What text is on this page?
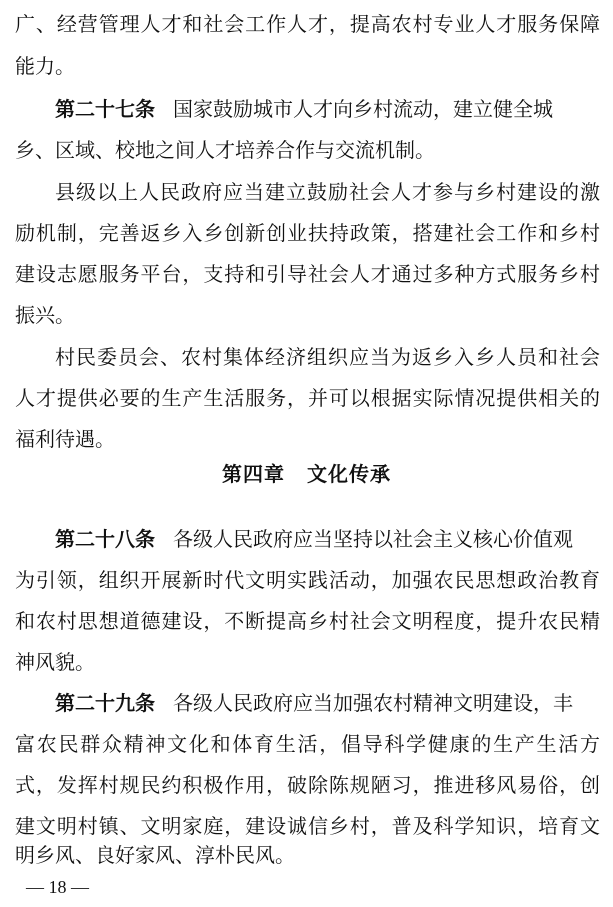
广、经营管理人才和社会工作人才，提高农村专业人才服务保障
能力。
第二十七条 国家鼓励城市人才向乡村流动，建立健全城
乡、区域、校地之间人才培养合作与交流机制。
县级以上人民政府应当建立鼓励社会人才参与乡村建设的激
励机制，完善返乡入乡创新创业扶持政策，搭建社会工作和乡村
建设志愿服务平台，支持和引导社会人才通过多种方式服务乡村
振兴。
村民委员会、农村集体经济组织应当为返乡入乡人员和社会
人才提供必要的生产生活服务，并可以根据实际情况提供相关的
福利待遇。
第四章 文化传承
第二十八条 各级人民政府应当坚持以社会主义核心价值观
为引领，组织开展新时代文明实践活动，加强农民思想政治教育
和农村思想道德建设，不断提高乡村社会文明程度，提升农民精
神风貌。
第二十九条 各级人民政府应当加强农村精神文明建设，丰
富农民群众精神文化和体育生活，倡导科学健康的生产生活方
式，发挥村规民约积极作用，破除陈规陋习，推进移风易俗，创
建文明村镇、文明家庭，建设诚信乡村，普及科学知识，培育文
明乡风、良好家风、淳朴民风。
— 18 —
